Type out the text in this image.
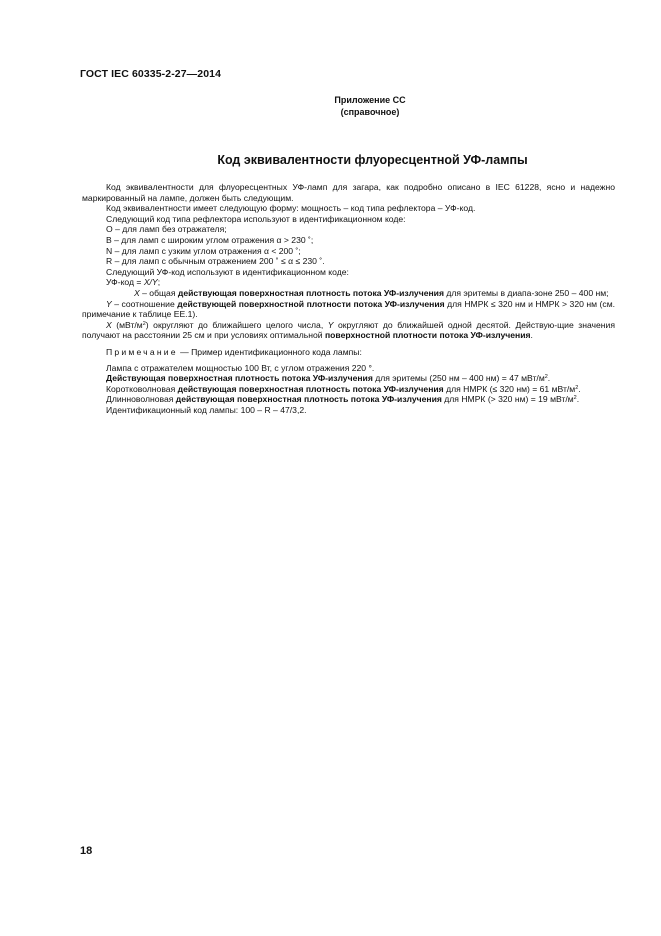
ГОСТ IEC 60335-2-27—2014
Приложение СС
(справочное)
Код эквивалентности флуоресцентной УФ-лампы

Код эквивалентности для флуоресцентных УФ-ламп для загара, как подробно описано в IEC 61228, ясно и надежно маркированный на лампе, должен быть следующим.

Код эквивалентности имеет следующую форму: мощность – код типа рефлектора – УФ-код.

Следующий код типа рефлектора используют в идентификационном коде:

О – для ламп без отражателя;

В – для ламп с широким углом отражения α > 230 ˚;

N – для ламп с узким углом отражения α < 200 ˚;

R – для ламп с обычным отражением 200 ˚ ≤ α ≤ 230 ˚.

Следующий УФ-код используют в идентификационном коде:

УФ-код = X/Y;

X – общая действующая поверхностная плотность потока УФ-излучения для эритемы в диапа-зоне 250 – 400 нм;

Y – соотношение действующей поверхностной плотности потока УФ-излучения для НМРК ≤ 320 нм и НМРК > 320 нм (см. примечание к таблице ЕЕ.1).

X $(мВт/м^2)$ округляют до ближайшего целого числа, Y округляют до ближайшей одной десятой. Действую-щие значения получают на расстоянии 25 см и при условиях оптимальной поверхностной плотности потока УФ-излучения.

Примечание — Пример идентификационного кода лампы:

Лампа с отражателем мощностью 100 Вт, с углом отражения 220 °.

Действующая поверхностная плотность потока УФ-излучения для эритемы (250 нм – 400 нм) = 47 мВт/$м^2$.

Коротковолновая действующая поверхностная плотность потока УФ-излучения для НМРК (≤ 320 нм) = 61 мВт/$м^2$.

Длинноволновая действующая поверхностная плотность потока УФ-излучения для НМРК (> 320 нм) = 19 мВт/$м^2$.

Идентификационный код лампы: 100 – R – 47/3,2.

18
